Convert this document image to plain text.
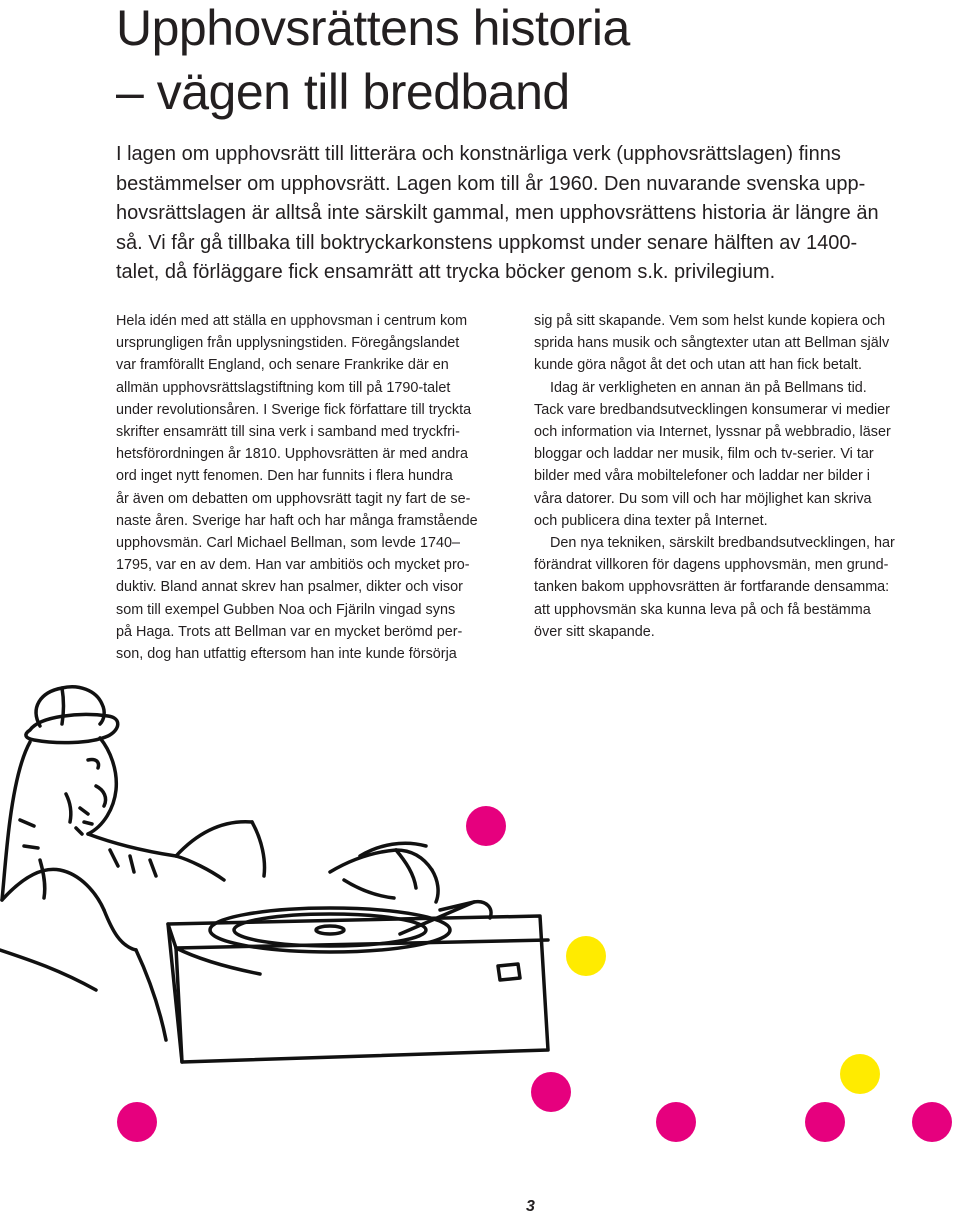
Upphovsrättens historia
– vägen till bredband

I lagen om upphovsrätt till litterära och konstnärliga verk (upphovsrättslagen) finns
bestämmelser om upphovsrätt. Lagen kom till år 1960. Den nuvarande svenska upp-
hovsrättslagen är alltså inte särskilt gammal, men upphovsrättens historia är längre än
så. Vi får gå tillbaka till boktryckarkonstens uppkomst under senare hälften av 1400-
talet, då förläggare fick ensamrätt att trycka böcker genom s.k. privilegium.

Hela idén med att ställa en upphovsman i centrum kom
ursprungligen från upplysningstiden. Föregångslandet
var framförallt England, och senare Frankrike där en
allmän upphovsrättslagstiftning kom till på 1790-talet
under revolutionsåren. I Sverige fick författare till tryckta
skrifter ensamrätt till sina verk i samband med tryckfri-
hetsförordningen år 1810. Upphovsrätten är med andra
ord inget nytt fenomen. Den har funnits i flera hundra
år även om debatten om upphovsrätt tagit ny fart de se-
naste åren. Sverige har haft och har många framstående
upphovsmän. Carl Michael Bellman, som levde 1740–
1795, var en av dem. Han var ambitiös och mycket pro-
duktiv. Bland annat skrev han psalmer, dikter och visor
som till exempel Gubben Noa och Fjäriln vingad syns
på Haga. Trots att Bellman var en mycket berömd per-
son, dog han utfattig eftersom han inte kunde försörja
sig på sitt skapande. Vem som helst kunde kopiera och
sprida hans musik och sångtexter utan att Bellman själv
kunde göra något åt det och utan att han fick betalt.
Idag är verkligheten en annan än på Bellmans tid.
Tack vare bredbandsutvecklingen konsumerar vi medier
och information via Internet, lyssnar på webbradio, läser
bloggar och laddar ner musik, film och tv-serier. Vi tar
bilder med våra mobiltelefoner och laddar ner bilder i
våra datorer. Du som vill och har möjlighet kan skriva
och publicera dina texter på Internet.
Den nya tekniken, särskilt bredbandsutvecklingen, har
förändrat villkoren för dagens upphovsmän, men grund-
tanken bakom upphovsrätten är fortfarande densamma:
att upphovsmän ska kunna leva på och få bestämma
över sitt skapande.
3
